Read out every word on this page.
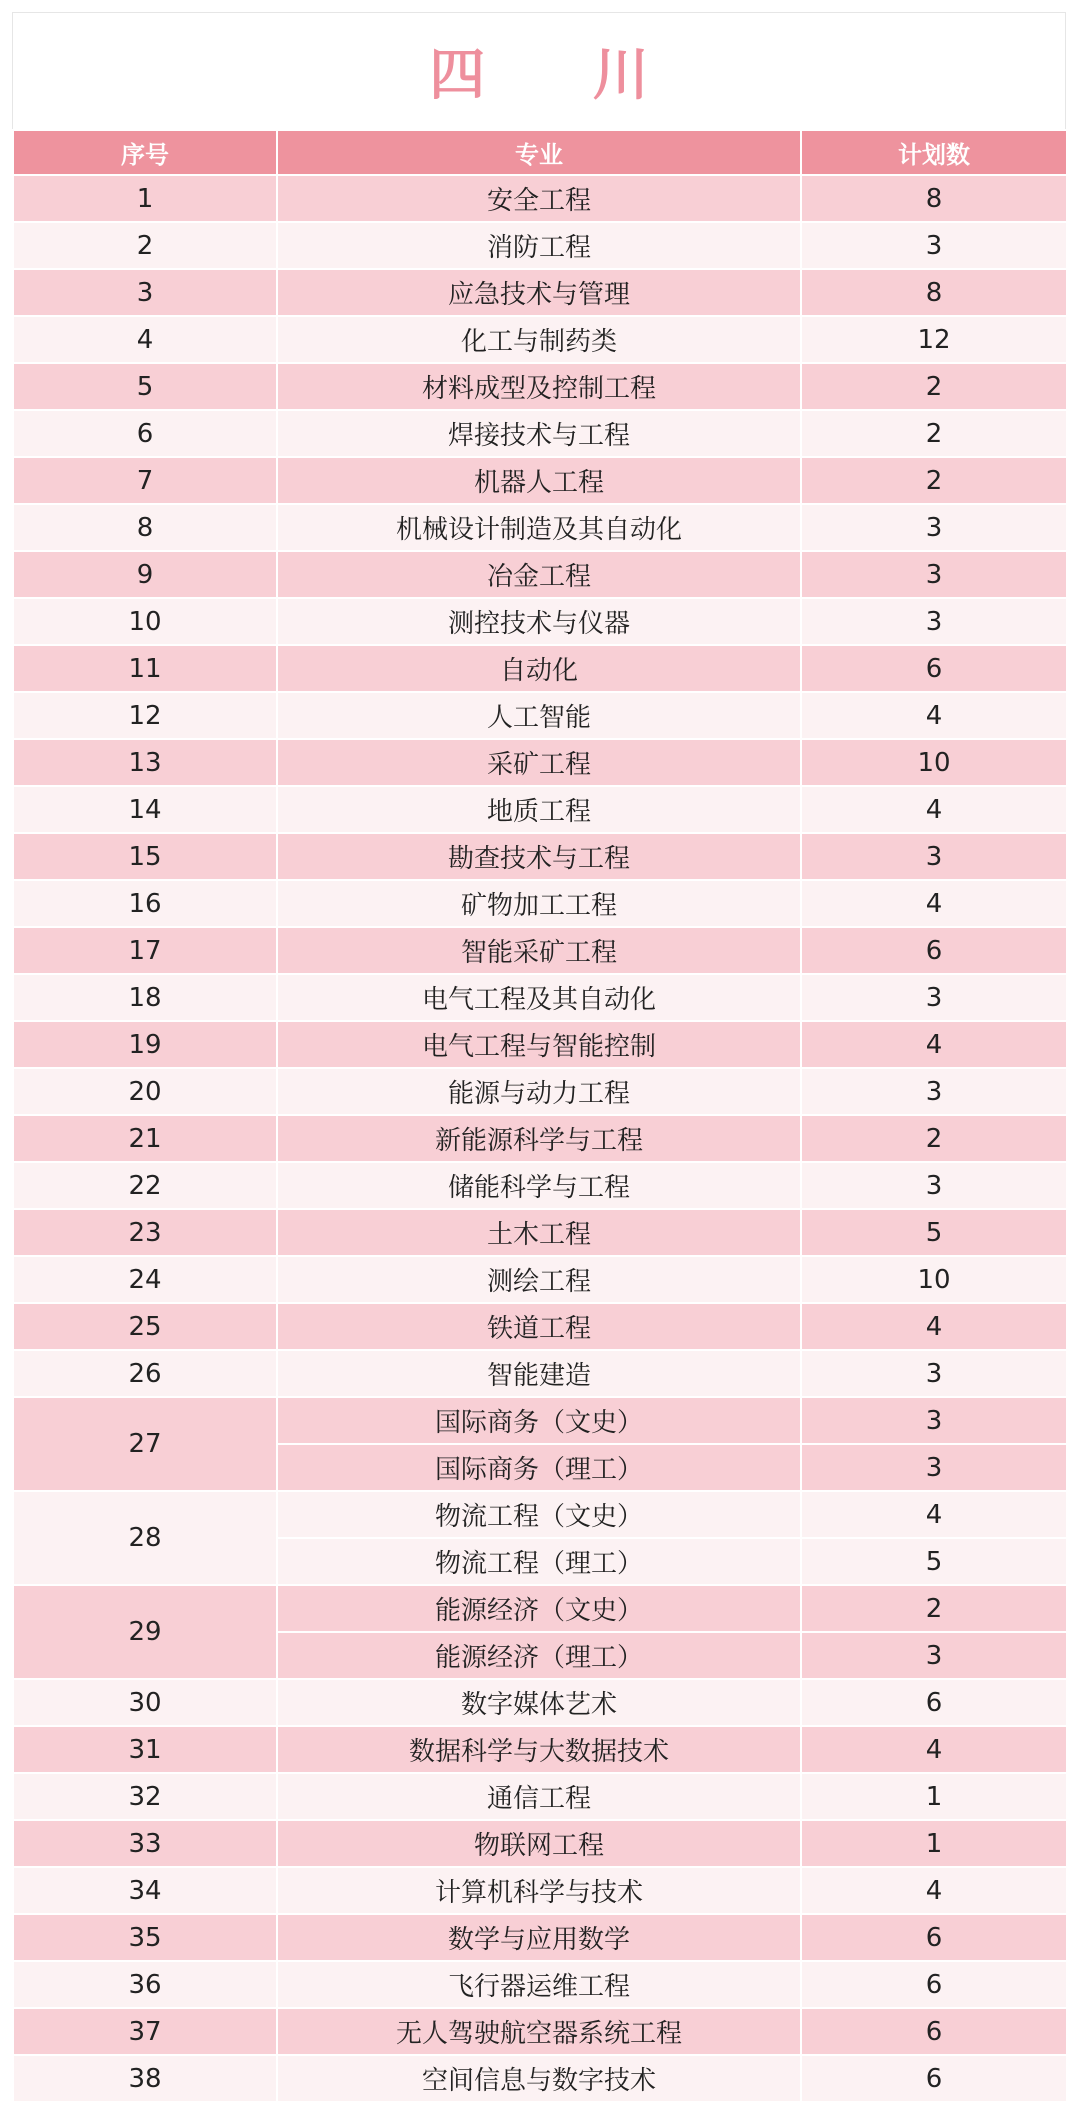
四 川
序号	专业	计划数
1	安全工程	8
2	消防工程	3
3	应急技术与管理	8
4	化工与制药类	12
5	材料成型及控制工程	2
6	焊接技术与工程	2
7	机器人工程	2
8	机械设计制造及其自动化	3
9	冶金工程	3
10	测控技术与仪器	3
11	自动化	6
12	人工智能	4
13	采矿工程	10
14	地质工程	4
15	勘查技术与工程	3
16	矿物加工工程	4
17	智能采矿工程	6
18	电气工程及其自动化	3
19	电气工程与智能控制	4
20	能源与动力工程	3
21	新能源科学与工程	2
22	储能科学与工程	3
23	土木工程	5
24	测绘工程	10
25	铁道工程	4
26	智能建造	3
27	国际商务（文史）	3
	国际商务（理工）	3
28	物流工程（文史）	4
	物流工程（理工）	5
29	能源经济（文史）	2
	能源经济（理工）	3
30	数字媒体艺术	6
31	数据科学与大数据技术	4
32	通信工程	1
33	物联网工程	1
34	计算机科学与技术	4
35	数学与应用数学	6
36	飞行器运维工程	6
37	无人驾驶航空器系统工程	6
38	空间信息与数字技术	6
